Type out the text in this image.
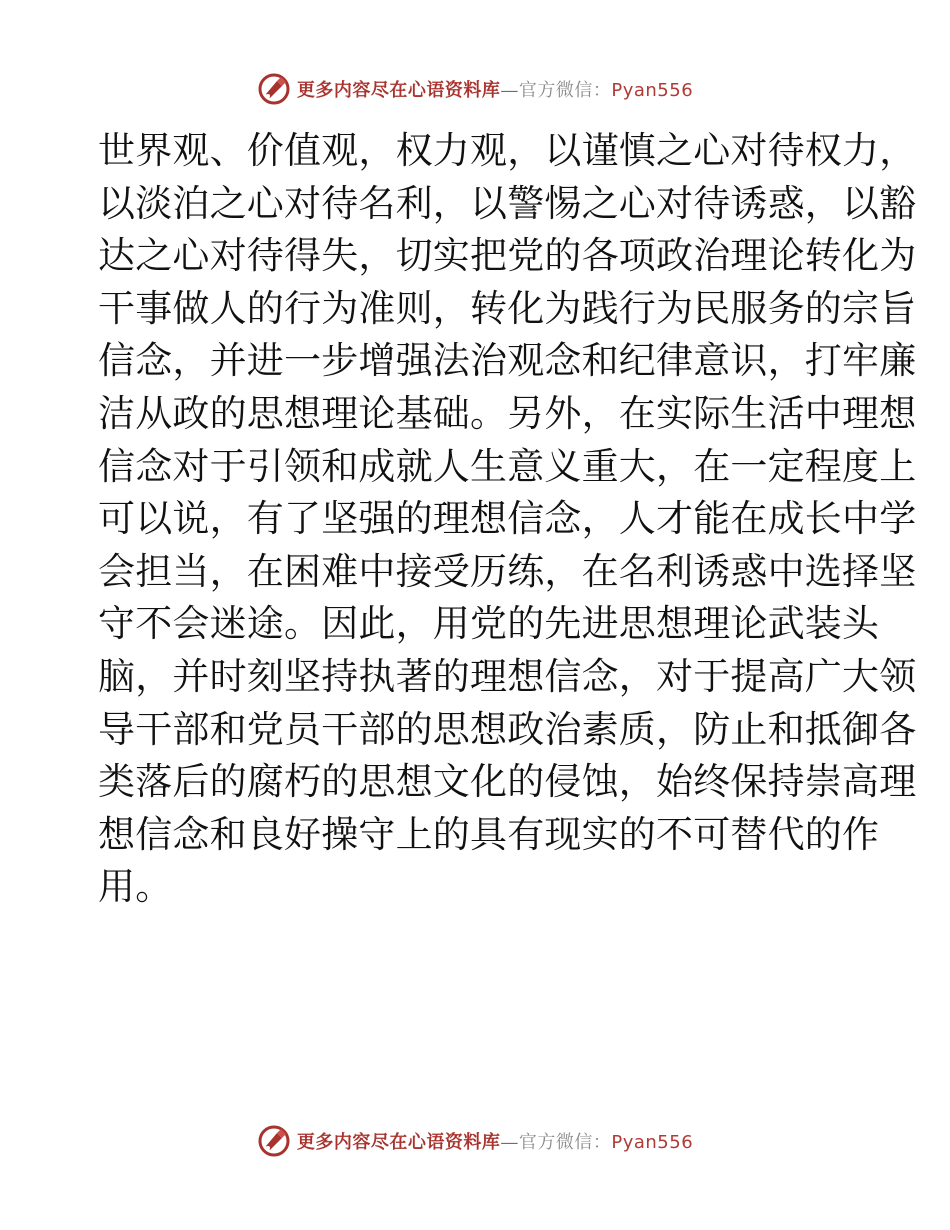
更多内容尽在心语资料库—官方微信：Pyan556
世界观、价值观，权力观，以谨慎之心对待权力，
以淡泊之心对待名利，以警惕之心对待诱惑，以豁
达之心对待得失，切实把党的各项政治理论转化为
干事做人的行为准则，转化为践行为民服务的宗旨
信念，并进一步增强法治观念和纪律意识，打牢廉
洁从政的思想理论基础。另外，在实际生活中理想
信念对于引领和成就人生意义重大，在一定程度上
可以说，有了坚强的理想信念，人才能在成长中学
会担当，在困难中接受历练，在名利诱惑中选择坚
守不会迷途。因此，用党的先进思想理论武装头
脑，并时刻坚持执著的理想信念，对于提高广大领
导干部和党员干部的思想政治素质，防止和抵御各
类落后的腐朽的思想文化的侵蚀，始终保持崇高理
想信念和良好操守上的具有现实的不可替代的作
用。
更多内容尽在心语资料库—官方微信：Pyan556
